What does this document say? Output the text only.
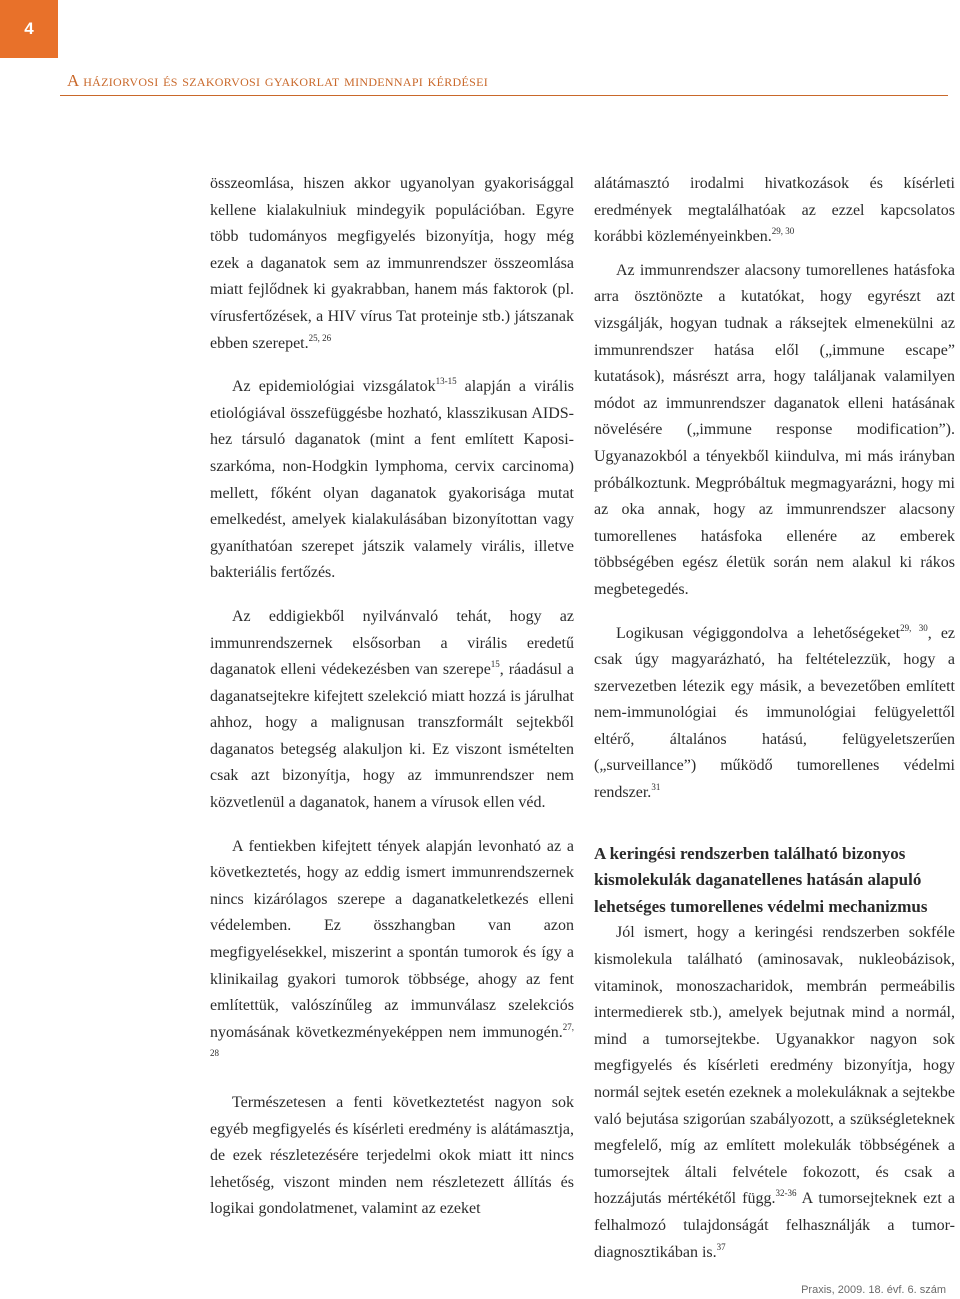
4
A háziorvosi és szakorvosi gyakorlat mindennapi kérdései

összeomlása, hiszen akkor ugyanolyan gyakorisággal kellene kialakulniuk mindegyik populációban. Egyre több tudományos megfigyelés bizonyítja, hogy még ezek a daganatok sem az immunrendszer összeomlása miatt fejlődnek ki gyakrabban, hanem más faktorok (pl. vírusfertőzések, a HIV vírus Tat proteinje stb.) játszanak ebben szerepet.$^{25, 26}$

Az epidemiológiai vizsgálatok$^{13-15}$ alapján a virális etiológiával összefüggésbe hozható, klasszikusan AIDS-hez társuló daganatok (mint a fent említett Kaposi-szarkóma, non-Hodgkin lymphoma, cervix carcinoma) mellett, főként olyan daganatok gyakorisága mutat emelkedést, amelyek kialakulásában bizonyítottan vagy gyaníthatóan szerepet játszik valamely virális, illetve bakteriális fertőzés.

Az eddigiekből nyilvánvaló tehát, hogy az immunrendszernek elsősorban a virális eredetű daganatok elleni védekezésben van szerepe$^{15}$, ráadásul a daganatsejtekre kifejtett szelekció miatt hozzá is járulhat ahhoz, hogy a malignusan transzformált sejtekből daganatos betegség alakuljon ki. Ez viszont ismételten csak azt bizonyítja, hogy az immunrendszer nem közvetlenül a daganatok, hanem a vírusok ellen véd.

A fentiekben kifejtett tények alapján levonható az a következtetés, hogy az eddig ismert immunrendszernek nincs kizárólagos szerepe a daganatkeletkezés elleni védelemben. Ez összhangban van azon megfigyelésekkel, miszerint a spontán tumorok és így a klinikailag gyakori tumorok többsége, ahogy az fent említettük, valószínűleg az immunválasz szelekciós nyomásának következményeképpen nem immunogén.$^{27, 28}$

Természetesen a fenti következtetést nagyon sok egyéb megfigyelés és kísérleti eredmény is alátámasztja, de ezek részletezésére terjedelmi okok miatt itt nincs lehetőség, viszont minden nem részletezett állítás és logikai gondolatmenet, valamint az ezeket

alátámasztó irodalmi hivatkozások és kísérleti eredmények megtalálhatóak az ezzel kapcsolatos korábbi közleményeinkben.$^{29, 30}$

Az immunrendszer alacsony tumorellenes hatásfoka arra ösztönözte a kutatókat, hogy egyrészt azt vizsgálják, hogyan tudnak a ráksejtek elmenekülni az immunrendszer hatása elől („immune escape” kutatások), másrészt arra, hogy találjanak valamilyen módot az immunrendszer daganatok elleni hatásának növelésére („immune response modification”). Ugyanazokból a tényekből kiindulva, mi más irányban próbálkoztunk. Megpróbáltuk megmagyarázni, hogy mi az oka annak, hogy az immunrendszer alacsony tumorellenes hatásfoka ellenére az emberek többségében egész életük során nem alakul ki rákos megbetegedés.

Logikusan végiggondolva a lehetőségeket$^{29, 30}$, ez csak úgy magyarázható, ha feltételezzük, hogy a szervezetben létezik egy másik, a bevezetőben említett nem-immunológiai és immunológiai felügyelettől eltérő, általános hatású, felügyeletszerűen („surveillance”) működő tumorellenes védelmi rendszer.$^{31}$

A keringési rendszerben található bizonyos kismolekulák daganatellenes hatásán alapuló lehetséges tumorellenes védelmi mechanizmus

Jól ismert, hogy a keringési rendszerben sokféle kismolekula található (aminosavak, nukleobázisok, vitaminok, monoszacharidok, membrán permeábilis intermedierek stb.), amelyek bejutnak mind a normál, mind a tumorsejtekbe. Ugyanakkor nagyon sok megfigyelés és kísérleti eredmény bizonyítja, hogy normál sejtek esetén ezeknek a molekuláknak a sejtekbe való bejutása szigorúan szabályozott, a szükségleteknek megfelelő, míg az említett molekulák többségének a tumorsejtek általi felvétele fokozott, és csak a hozzájutás mértékétől függ.$^{32-36}$ A tumorsejteknek ezt a felhalmozó tulajdonságát felhasználják a tumor-diagnosztikában is.$^{37}$

Praxis, 2009. 18. évf. 6. szám
